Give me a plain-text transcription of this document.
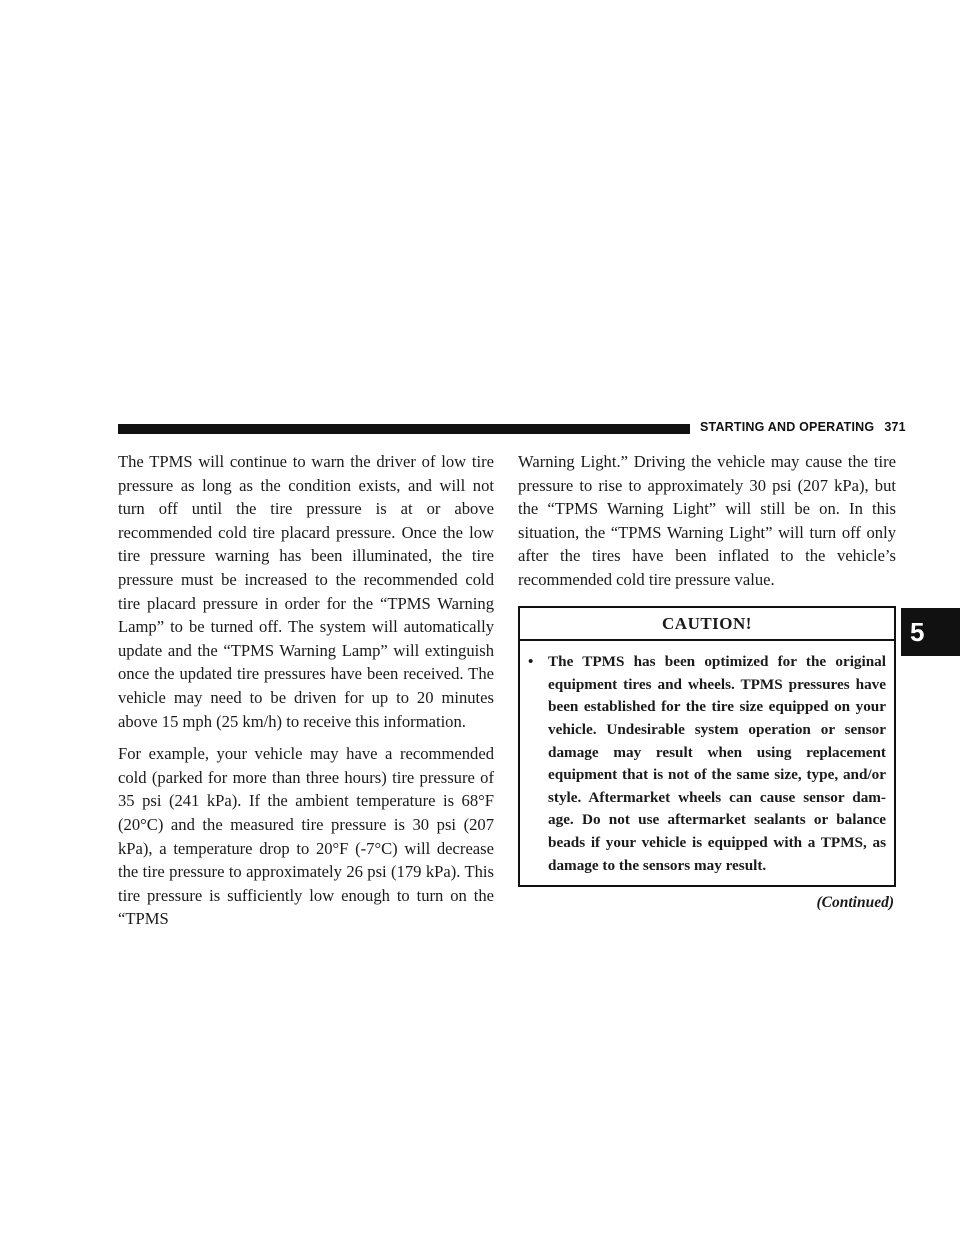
STARTING AND OPERATING 371

The TPMS will continue to warn the driver of low tire pressure as long as the condition exists, and will not turn off until the tire pressure is at or above recommended cold tire placard pressure. Once the low tire pressure warning has been illuminated, the tire pressure must be increased to the recommended cold tire placard pressure in order for the “TPMS Warning Lamp” to be turned off. The system will automatically update and the “TPMS Warning Lamp” will extinguish once the updated tire pressures have been received. The vehicle may need to be driven for up to 20 minutes above 15 mph (25 km/h) to receive this information.

For example, your vehicle may have a recommended cold (parked for more than three hours) tire pressure of 35 psi (241 kPa). If the ambient temperature is 68°F (20°C) and the measured tire pressure is 30 psi (207 kPa), a temperature drop to 20°F (-7°C) will decrease the tire pressure to approximately 26 psi (179 kPa). This tire pressure is sufficiently low enough to turn on the “TPMS

Warning Light.” Driving the vehicle may cause the tire pressure to rise to approximately 30 psi (207 kPa), but the “TPMS Warning Light” will still be on. In this situation, the “TPMS Warning Light” will turn off only after the tires have been inflated to the vehicle’s recommended cold tire pressure value.

CAUTION!
• The TPMS has been optimized for the original equipment tires and wheels. TPMS pressures have been established for the tire size equipped on your vehicle. Undesirable system operation or sensor damage may result when using replacement equipment that is not of the same size, type, and/or style. Aftermarket wheels can cause sensor dam-age. Do not use aftermarket sealants or balance beads if your vehicle is equipped with a TPMS, as damage to the sensors may result.
(Continued)
5
